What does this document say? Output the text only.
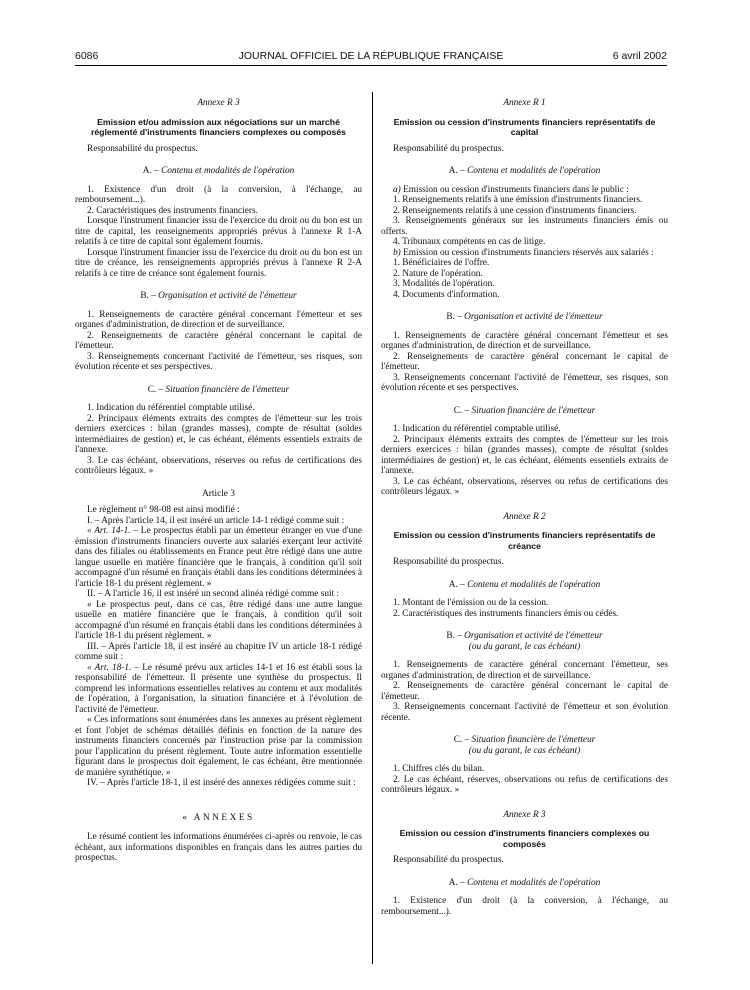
6086	JOURNAL OFFICIEL DE LA RÉPUBLIQUE FRANÇAISE	6 avril 2002
Annexe R 3
Emission et/ou admission aux négociations sur un marché réglementé d'instruments financiers complexes ou composés

Responsabilité du prospectus.

A. – Contenu et modalités de l'opération

1. Existence d'un droit (à la conversion, à l'échange, au remboursement...).

2. Caractéristiques des instruments financiers.

Lorsque l'instrument financier issu de l'exercice du droit ou du bon est un titre de capital, les renseignements appropriés prévus à l'annexe R 1-A relatifs à ce titre de capital sont également fournis.

Lorsque l'instrument financier issu de l'exercice du droit ou du bon est un titre de créance, les renseignements appropriés prévus à l'annexe R 2-A relatifs à ce titre de créance sont également fournis.

B. – Organisation et activité de l'émetteur

1. Renseignements de caractère général concernant l'émetteur et ses organes d'administration, de direction et de surveillance.

2. Renseignements de caractère général concernant le capital de l'émetteur.

3. Renseignements concernant l'activité de l'émetteur, ses risques, son évolution récente et ses perspectives.

C. – Situation financière de l'émetteur

1. Indication du référentiel comptable utilisé.

2. Principaux éléments extraits des comptes de l'émetteur sur les trois derniers exercices : bilan (grandes masses), compte de résultat (soldes intermédiaires de gestion) et, le cas échéant, éléments essentiels extraits de l'annexe.

3. Le cas échéant, observations, réserves ou refus de certifications des contrôleurs légaux. »

Article 3

Le règlement n° 98-08 est ainsi modifié :

I. – Après l'article 14, il est inséré un article 14-1 rédigé comme suit :

« Art. 14-1. – Le prospectus établi par un émetteur étranger en vue d'une émission d'instruments financiers ouverte aux salariés exerçant leur activité dans des filiales ou établissements en France peut être rédigé dans une autre langue usuelle en matière financière que le français, à condition qu'il soit accompagné d'un résumé en français établi dans les conditions déterminées à l'article 18-1 du présent règlement. »

II. – A l'article 16, il est inséré un second alinéa rédigé comme suit :

« Le prospectus peut, dans ce cas, être rédigé dans une autre langue usuelle en matière financière que le français, à condition qu'il soit accompagné d'un résumé en français établi dans les conditions déterminées à l'article 18-1 du présent règlement. »

III. – Après l'article 18, il est inséré au chapitre IV un article 18-1 rédigé comme suit :

« Art. 18-1. – Le résumé prévu aux articles 14-1 et 16 est établi sous la responsabilité de l'émetteur. Il présente une synthèse du prospectus. Il comprend les informations essentielles relatives au contenu et aux modalités de l'opération, à l'organisation, la situation financière et à l'évolution de l'activité de l'émetteur.

« Ces informations sont énumérées dans les annexes au présent règlement et font l'objet de schémas détaillés définis en fonction de la nature des instruments financiers concernés par l'instruction prise par la commission pour l'application du présent règlement. Toute autre information essentielle figurant dans le prospectus doit également, le cas échéant, être mentionnée de manière synthétique. »

IV. – Après l'article 18-1, il est inséré des annexes rédigées comme suit :

« ANNEXES

Le résumé contient les informations énumérées ci-après ou renvoie, le cas échéant, aux informations disponibles en français dans les autres parties du prospectus.

Annexe R 1
Emission ou cession d'instruments financiers représentatifs de capital

Responsabilité du prospectus.

A. – Contenu et modalités de l'opération

a) Emission ou cession d'instruments financiers dans le public :

1. Renseignements relatifs à une émission d'instruments financiers.

2. Renseignements relatifs à une cession d'instruments financiers.

3. Renseignements généraux sur les instruments financiers émis ou offerts.

4. Tribunaux compétents en cas de litige.

b) Emission ou cession d'instruments financiers réservés aux salariés :

1. Bénéficiaires de l'offre.

2. Nature de l'opération.

3. Modalités de l'opération.

4. Documents d'information.

B. – Organisation et activité de l'émetteur

1. Renseignements de caractère général concernant l'émetteur et ses organes d'administration, de direction et de surveillance.

2. Renseignements de caractère général concernant le capital de l'émetteur.

3. Renseignements concernant l'activité de l'émetteur, ses risques, son évolution récente et ses perspectives.

C. – Situation financière de l'émetteur

1. Indication du référentiel comptable utilisé.

2. Principaux éléments extraits des comptes de l'émetteur sur les trois derniers exercices : bilan (grandes masses), compte de résultat (soldes intermédiaires de gestion) et, le cas échéant, éléments essentiels extraits de l'annexe.

3. Le cas échéant, observations, réserves ou refus de certifications des contrôleurs légaux. »

Annexe R 2
Emission ou cession d'instruments financiers représentatifs de créance

Responsabilité du prospectus.

A. – Contenu et modalités de l'opération

1. Montant de l'émission ou de la cession.

2. Caractéristiques des instruments financiers émis ou cédés.

B. – Organisation et activité de l'émetteur
(ou du garant, le cas échéant)

1. Renseignements de caractère général concernant l'émetteur, ses organes d'administration, de direction et de surveillance.

2. Renseignements de caractère général concernant le capital de l'émetteur.

3. Renseignements concernant l'activité de l'émetteur et son évolution récente.

C. – Situation financière de l'émetteur
(ou du garant, le cas échéant)

1. Chiffres clés du bilan.

2. Le cas échéant, réserves, observations ou refus de certifications des contrôleurs légaux. »

Annexe R 3
Emission ou cession d'instruments financiers complexes ou composés

Responsabilité du prospectus.

A. – Contenu et modalités de l'opération

1. Existence d'un droit (à la conversion, à l'échange, au remboursement...).
